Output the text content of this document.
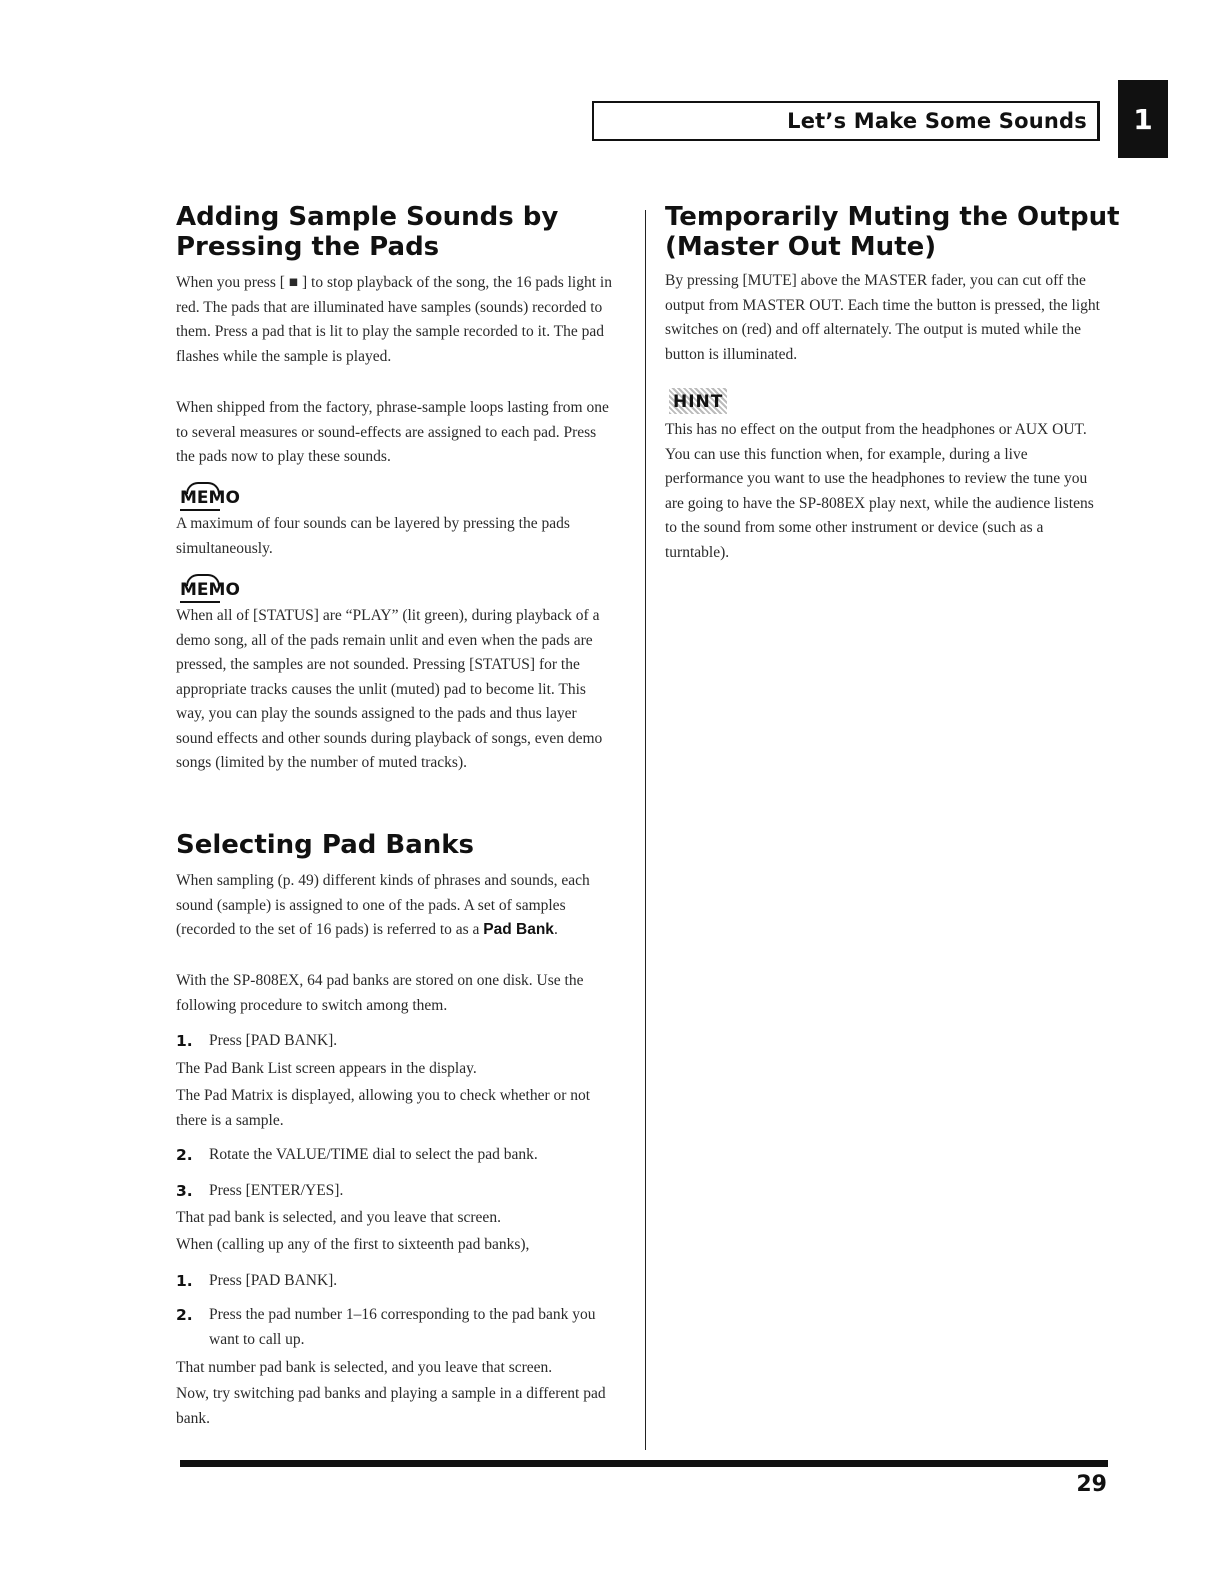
Let’s Make Some Sounds 1
Adding Sample Sounds by
Pressing the Pads

When you press [ ■ ] to stop playback of the song, the 16 pads light in red. The pads that are illuminated have samples (sounds) recorded to them. Press a pad that is lit to play the sample recorded to it. The pad flashes while the sample is played.

When shipped from the factory, phrase-sample loops lasting from one to several measures or sound-effects are assigned to each pad. Press the pads now to play these sounds.

MEMO

A maximum of four sounds can be layered by pressing the pads simultaneously.

MEMO

When all of [STATUS] are “PLAY” (lit green), during playback of a demo song, all of the pads remain unlit and even when the pads are pressed, the samples are not sounded. Pressing [STATUS] for the appropriate tracks causes the unlit (muted) pad to become lit. This way, you can play the sounds assigned to the pads and thus layer sound effects and other sounds during playback of songs, even demo songs (limited by the number of muted tracks).

Selecting Pad Banks

When sampling (p. 49) different kinds of phrases and sounds, each sound (sample) is assigned to one of the pads. A set of samples (recorded to the set of 16 pads) is referred to as a Pad Bank.

With the SP-808EX, 64 pad banks are stored on one disk. Use the following procedure to switch among them.

1. Press [PAD BANK].

The Pad Bank List screen appears in the display.

The Pad Matrix is displayed, allowing you to check whether or not there is a sample.

2. Rotate the VALUE/TIME dial to select the pad bank.

3. Press [ENTER/YES].

That pad bank is selected, and you leave that screen.

When (calling up any of the first to sixteenth pad banks),

1. Press [PAD BANK].

2. Press the pad number 1–16 corresponding to the pad bank you want to call up.

That number pad bank is selected, and you leave that screen.

Now, try switching pad banks and playing a sample in a different pad bank.

Temporarily Muting the Output
(Master Out Mute)

By pressing [MUTE] above the MASTER fader, you can cut off the output from MASTER OUT. Each time the button is pressed, the light switches on (red) and off alternately. The output is muted while the button is illuminated.

HINT

This has no effect on the output from the headphones or AUX OUT. You can use this function when, for example, during a live performance you want to use the headphones to review the tune you are going to have the SP-808EX play next, while the audience listens to the sound from some other instrument or device (such as a turntable).

29
